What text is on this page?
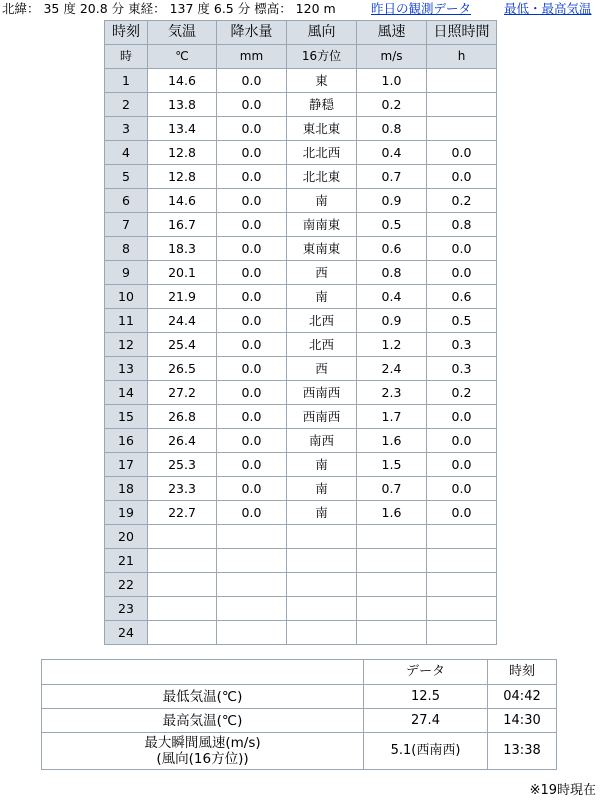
北緯： 35 度 20.8 分 東経： 137 度 6.5 分 標高： 120 m	昨日の観測データ	最低・最高気温
時刻	気温	降水量	風向	風速	日照時間
時	℃	mm	16方位	m/s	h
1	14.6	0.0	東	1.0	
2	13.8	0.0	静穏	0.2	
3	13.4	0.0	東北東	0.8	
4	12.8	0.0	北北西	0.4	0.0
5	12.8	0.0	北北東	0.7	0.0
6	14.6	0.0	南	0.9	0.2
7	16.7	0.0	南南東	0.5	0.8
8	18.3	0.0	東南東	0.6	0.0
9	20.1	0.0	西	0.8	0.0
10	21.9	0.0	南	0.4	0.6
11	24.4	0.0	北西	0.9	0.5
12	25.4	0.0	北西	1.2	0.3
13	26.5	0.0	西	2.4	0.3
14	27.2	0.0	西南西	2.3	0.2
15	26.8	0.0	西南西	1.7	0.0
16	26.4	0.0	南西	1.6	0.0
17	25.3	0.0	南	1.5	0.0
18	23.3	0.0	南	0.7	0.0
19	22.7	0.0	南	1.6	0.0
20					
21					
22					
23					
24					
	データ	時刻
最低気温(℃)	12.5	04:42
最高気温(℃)	27.4	14:30

最大瞬間風速(m/s)
(風向(16方位))	5.1(西南西)	13:38
※19時現在
